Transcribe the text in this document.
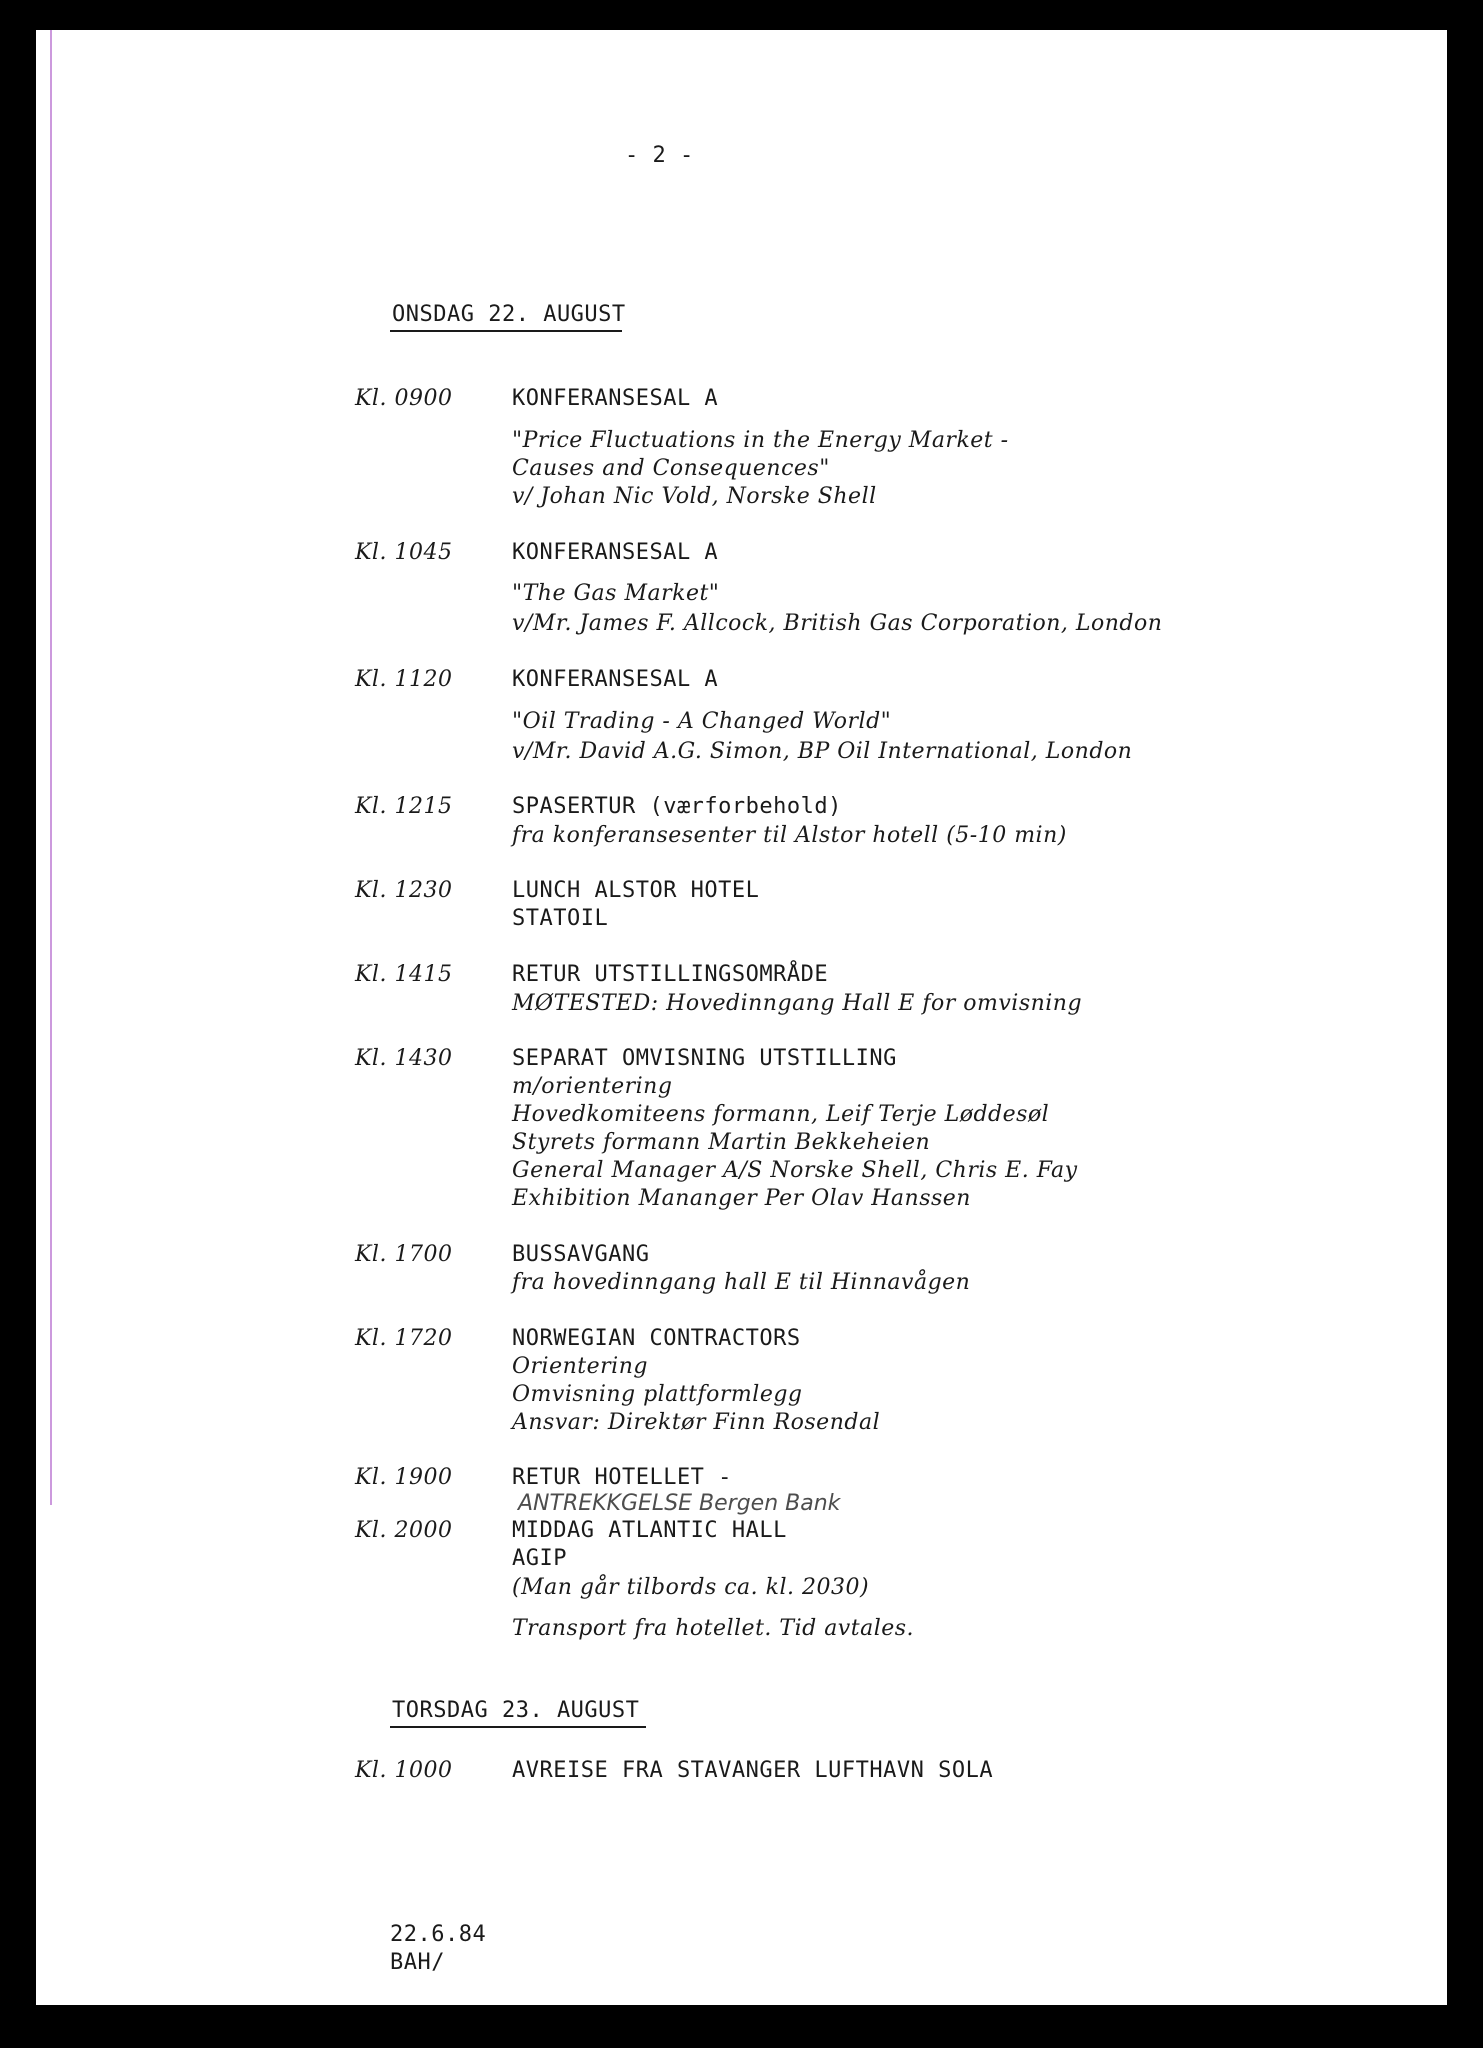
- 2 -
ONSDAG 22. AUGUST
Kl. 0900	KONFERANSESAL A
"Price Fluctuations in the Energy Market -
Causes and Consequences"
v/ Johan Nic Vold, Norske Shell
Kl. 1045	KONFERANSESAL A
"The Gas Market"
v/Mr. James F. Allcock, British Gas Corporation, London
Kl. 1120	KONFERANSESAL A
"Oil Trading - A Changed World"
v/Mr. David A.G. Simon, BP Oil International, London
Kl. 1215	SPASERTUR (værforbehold)
fra konferansesenter til Alstor hotell (5-10 min)
Kl. 1230	LUNCH ALSTOR HOTEL
STATOIL
Kl. 1415	RETUR UTSTILLINGSOMRÅDE
MØTESTED: Hovedinngang Hall E for omvisning
Kl. 1430	SEPARAT OMVISNING UTSTILLING
m/orientering
Hovedkomiteens formann, Leif Terje Løddesøl
Styrets formann Martin Bekkeheien
General Manager A/S Norske Shell, Chris E. Fay
Exhibition Mananger Per Olav Hanssen
Kl. 1700	BUSSAVGANG
fra hovedinngang hall E til Hinnavågen
Kl. 1720	NORWEGIAN CONTRACTORS
Orientering
Omvisning plattformlegg
Ansvar: Direktør Finn Rosendal
Kl. 1900	RETUR HOTELLET -
ANTREKKGELSE Bergen Bank
Kl. 2000	MIDDAG ATLANTIC HALL
AGIP
(Man går tilbords ca. kl. 2030)
Transport fra hotellet. Tid avtales.
TORSDAG 23. AUGUST
Kl. 1000	AVREISE FRA STAVANGER LUFTHAVN SOLA
22.6.84
BAH/
